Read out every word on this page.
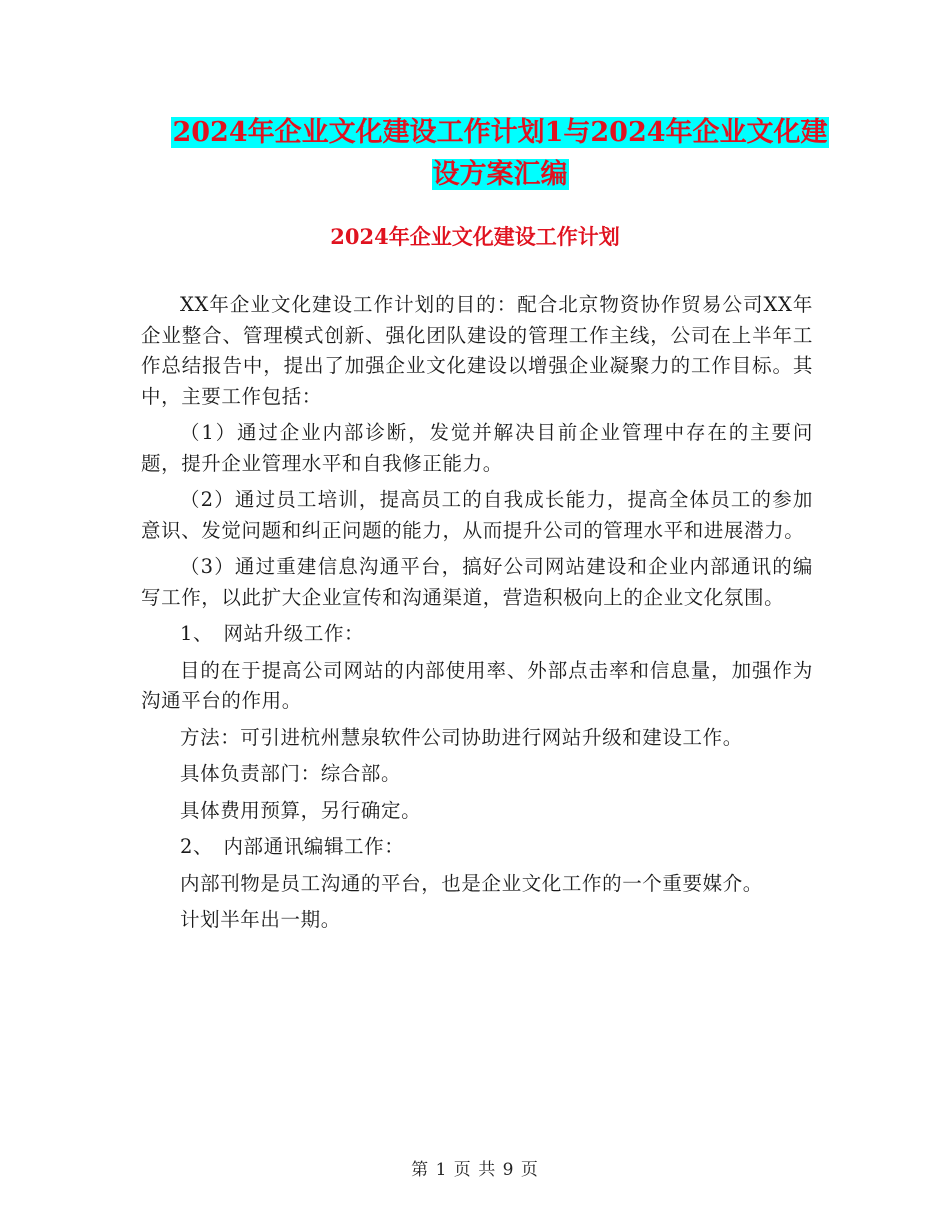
2024年企业文化建设工作计划1与2024年企业文化建
设方案汇编
2024年企业文化建设工作计划

XX年企业文化建设工作计划的目的：配合北京物资协作贸易公司XX年企业整合、管理模式创新、强化团队建设的管理工作主线，公司在上半年工作总结报告中，提出了加强企业文化建设以增强企业凝聚力的工作目标。其中，主要工作包括：

（1）通过企业内部诊断，发觉并解决目前企业管理中存在的主要问题，提升企业管理水平和自我修正能力。

（2）通过员工培训，提高员工的自我成长能力，提高全体员工的参加意识、发觉问题和纠正问题的能力，从而提升公司的管理水平和进展潜力。

（3）通过重建信息沟通平台，搞好公司网站建设和企业内部通讯的编写工作，以此扩大企业宣传和沟通渠道，营造积极向上的企业文化氛围。

1、　网站升级工作：

目的在于提高公司网站的内部使用率、外部点击率和信息量，加强作为沟通平台的作用。

方法：可引进杭州慧泉软件公司协助进行网站升级和建设工作。

具体负责部门：综合部。

具体费用预算，另行确定。

2、　内部通讯编辑工作：

内部刊物是员工沟通的平台，也是企业文化工作的一个重要媒介。

计划半年出一期。

第 1 页 共 9 页
